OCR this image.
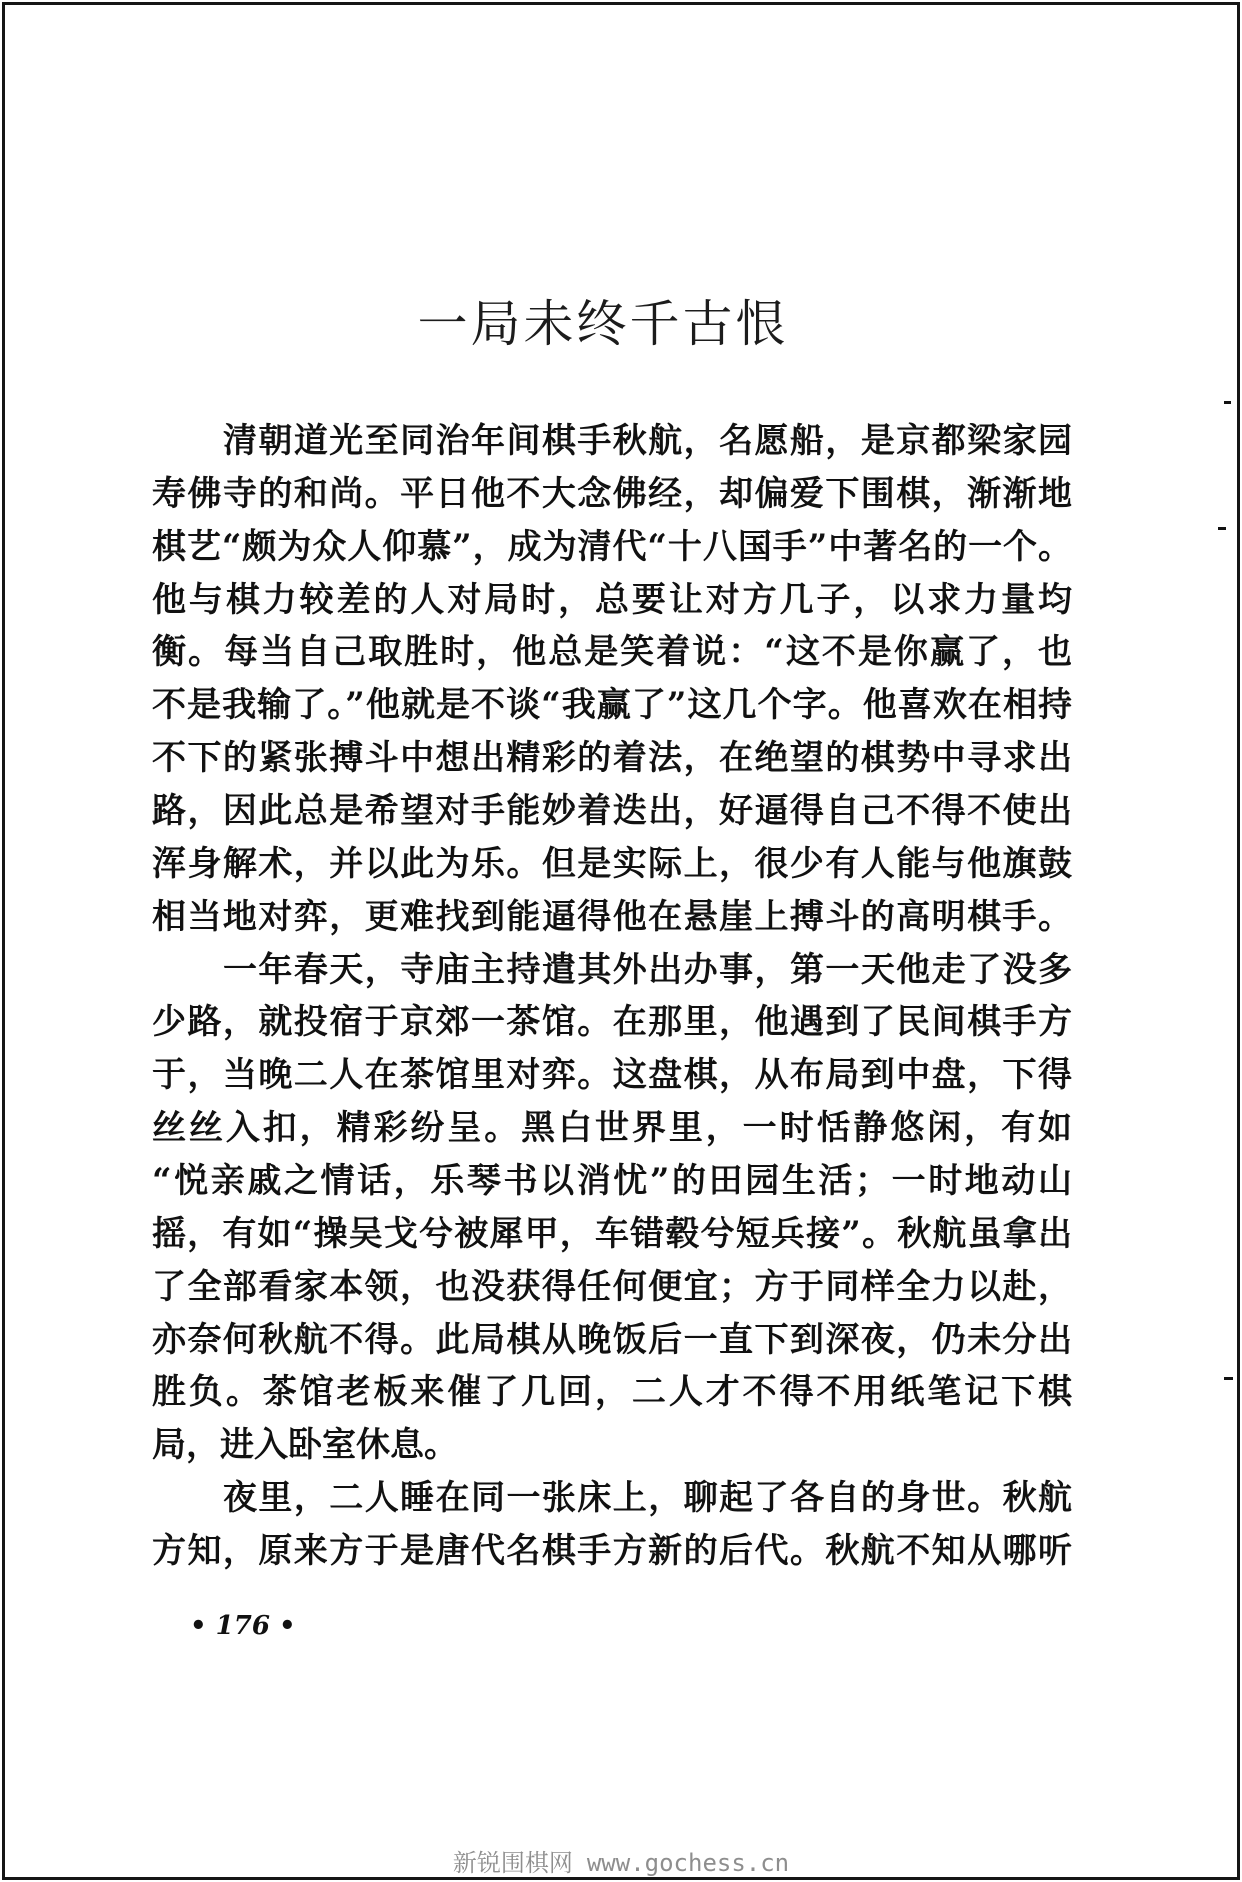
一局未终千古恨
清朝道光至同治年间棋手秋航，名愿船，是京都梁家园
寿佛寺的和尚。平日他不大念佛经，却偏爱下围棋，渐渐地
棋艺“颇为众人仰慕”，成为清代“十八国手”中著名的一个。
他与棋力较差的人对局时，总要让对方几子，以求力量均
衡。每当自己取胜时，他总是笑着说：“这不是你赢了，也
不是我输了。”他就是不谈“我赢了”这几个字。他喜欢在相持
不下的紧张搏斗中想出精彩的着法，在绝望的棋势中寻求出
路，因此总是希望对手能妙着迭出，好逼得自己不得不使出
浑身解术，并以此为乐。但是实际上，很少有人能与他旗鼓
相当地对弈，更难找到能逼得他在悬崖上搏斗的高明棋手。
一年春天，寺庙主持遣其外出办事，第一天他走了没多
少路，就投宿于京郊一茶馆。在那里，他遇到了民间棋手方
于，当晚二人在茶馆里对弈。这盘棋，从布局到中盘，下得
丝丝入扣，精彩纷呈。黑白世界里，一时恬静悠闲，有如
“悦亲戚之情话，乐琴书以消忧”的田园生活；一时地动山
摇，有如“操吴戈兮被犀甲，车错毂兮短兵接”。秋航虽拿出
了全部看家本领，也没获得任何便宜；方于同样全力以赴，
亦奈何秋航不得。此局棋从晚饭后一直下到深夜，仍未分出
胜负。茶馆老板来催了几回，二人才不得不用纸笔记下棋
局，进入卧室休息。
夜里，二人睡在同一张床上，聊起了各自的身世。秋航
方知，原来方于是唐代名棋手方新的后代。秋航不知从哪听
• 176 •
新锐围棋网 www.gochess.cn
